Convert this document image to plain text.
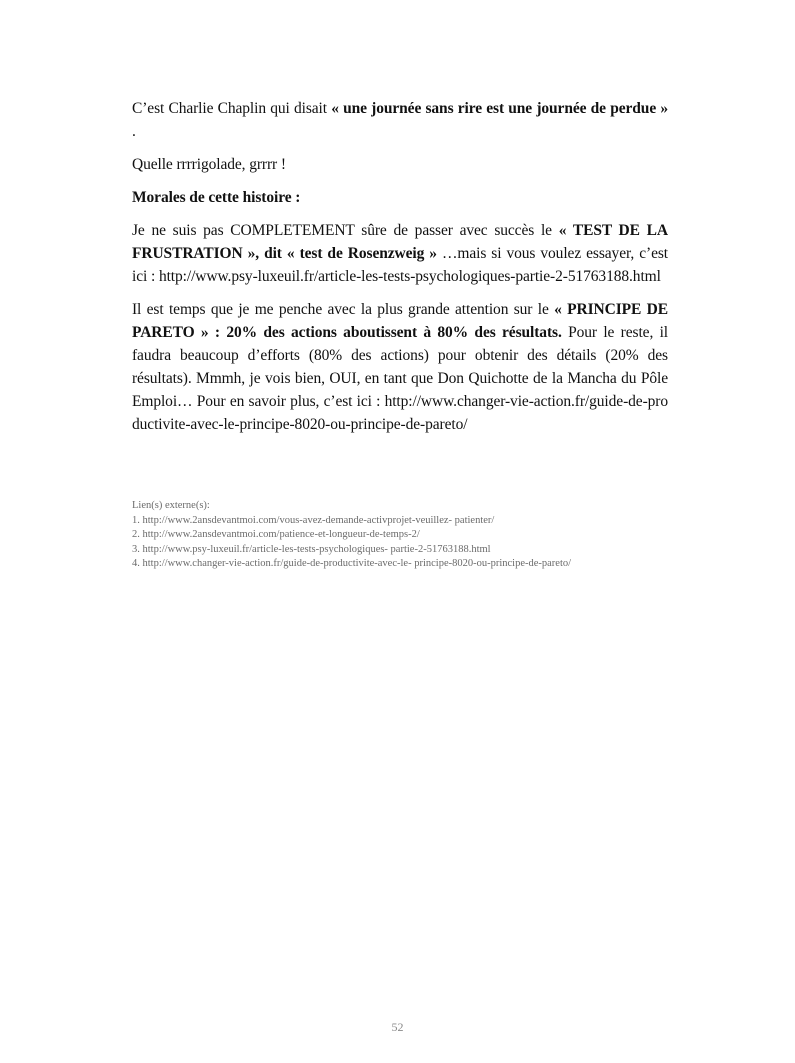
C’est Charlie Chaplin qui disait « une journée sans rire est une journée de perdue » .

Quelle rrrrigolade, grrrr !

Morales de cette histoire :

Je ne suis pas COMPLETEMENT sûre de passer avec succès le « TEST DE LA FRUSTRATION », dit « test de Rosenzweig » …mais si vous voulez essayer, c’est ici : http://www.psy-luxeuil.fr/article-les-tests-psychologiques-partie-2-51763188.html

Il est temps que je me penche avec la plus grande attention sur le « PRINCIPE DE PARETO » : 20% des actions aboutissent à 80% des résultats. Pour le reste, il faudra beaucoup d’efforts (80% des actions) pour obtenir des détails (20% des résultats). Mmmh, je vois bien, OUI, en tant que Don Quichotte de la Mancha du Pôle Emploi… Pour en savoir plus, c’est ici : http://www.changer-vie-action.fr/guide-de-productivite-avec-le-principe-8020-ou-principe-de-pareto/

Lien(s) externe(s):
1. http://www.2ansdevantmoi.com/vous-avez-demande-activprojet-veuillez- patienter/
2. http://www.2ansdevantmoi.com/patience-et-longueur-de-temps-2/
3. http://www.psy-luxeuil.fr/article-les-tests-psychologiques- partie-2-51763188.html
4. http://www.changer-vie-action.fr/guide-de-productivite-avec-le- principe-8020-ou-principe-de-pareto/
52
